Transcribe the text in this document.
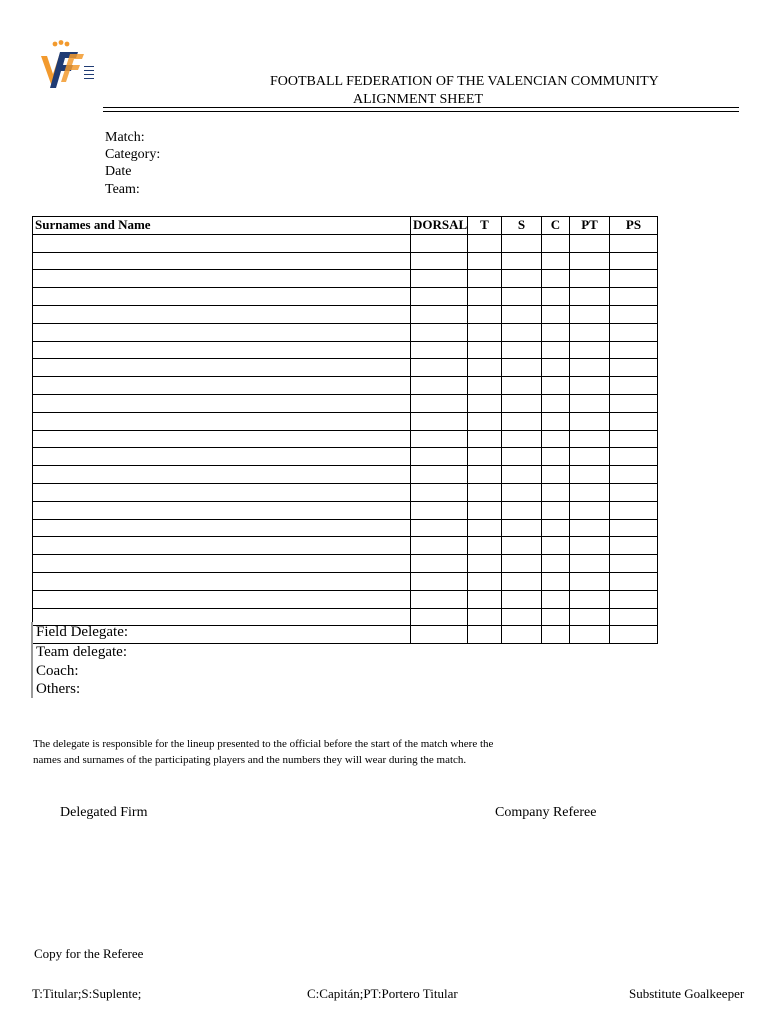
FOOTBALL FEDERATION OF THE VALENCIAN COMMUNITY
ALIGNMENT SHEET
Match:
Category:
Date
Team:
Surnames and Name	DORSAL	T	S	C	PT	PS

Field Delegate:
Team delegate:
Coach:
Others:
The delegate is responsible for the lineup presented to the official before the start of the match where the
names and surnames of the participating players and the numbers they will wear during the match.
Delegated Firm	Company Referee
Copy for the Referee
T:Titular;S:Suplente;	C:Capitán;PT:Portero Titular	Substitute Goalkeeper
